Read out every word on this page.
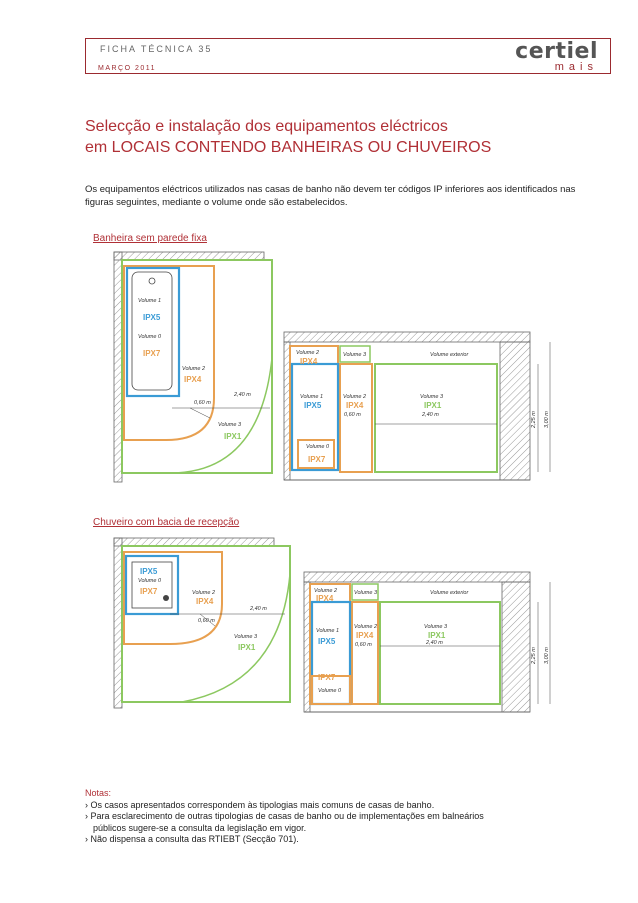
FICHA TÉCNICA 35
MARÇO 2011
certiel
mais
Selecção e instalação dos equipamentos eléctricos
em LOCAIS CONTENDO BANHEIRAS OU CHUVEIROS
Os equipamentos eléctricos utilizados nas casas de banho não devem ter códigos IP inferiores aos identificados nas figuras seguintes, mediante o volume onde são estabelecidos.
Banheira sem parede fixa
Volume 1
IPX5
Volume 0
IPX7
Volume 2
IPX4
2,40 m
0,60 m
Volume 3
IPX1
Volume 2
IPX4
Volume 3	Volume exterior
Volume 1
IPX5
Volume 2
IPX4
0,60 m
Volume 3
IPX1
2,40 m
Volume 0
IPX7
2,25 m 3,00 m
Chuveiro com bacia de recepção
IPX5
Volume 0
IPX7	Volume 2
IPX4
2,40 m
0,60 m
Volume 3
IPX1
Volume 2
IPX4
Volume 3	Volume exterior
Volume 1
IPX5
Volume 2
IPX4
0,60 m
Volume 3
IPX1
2,40 m
IPX7
Volume 0
2,25 m 3,00 m
Notas:
› Os casos apresentados correspondem às tipologias mais comuns de casas de banho.
› Para esclarecimento de outras tipologias de casas de banho ou de implementações em balneários
públicos sugere-se a consulta da legislação em vigor.
› Não dispensa a consulta das RTIEBT (Secção 701).
